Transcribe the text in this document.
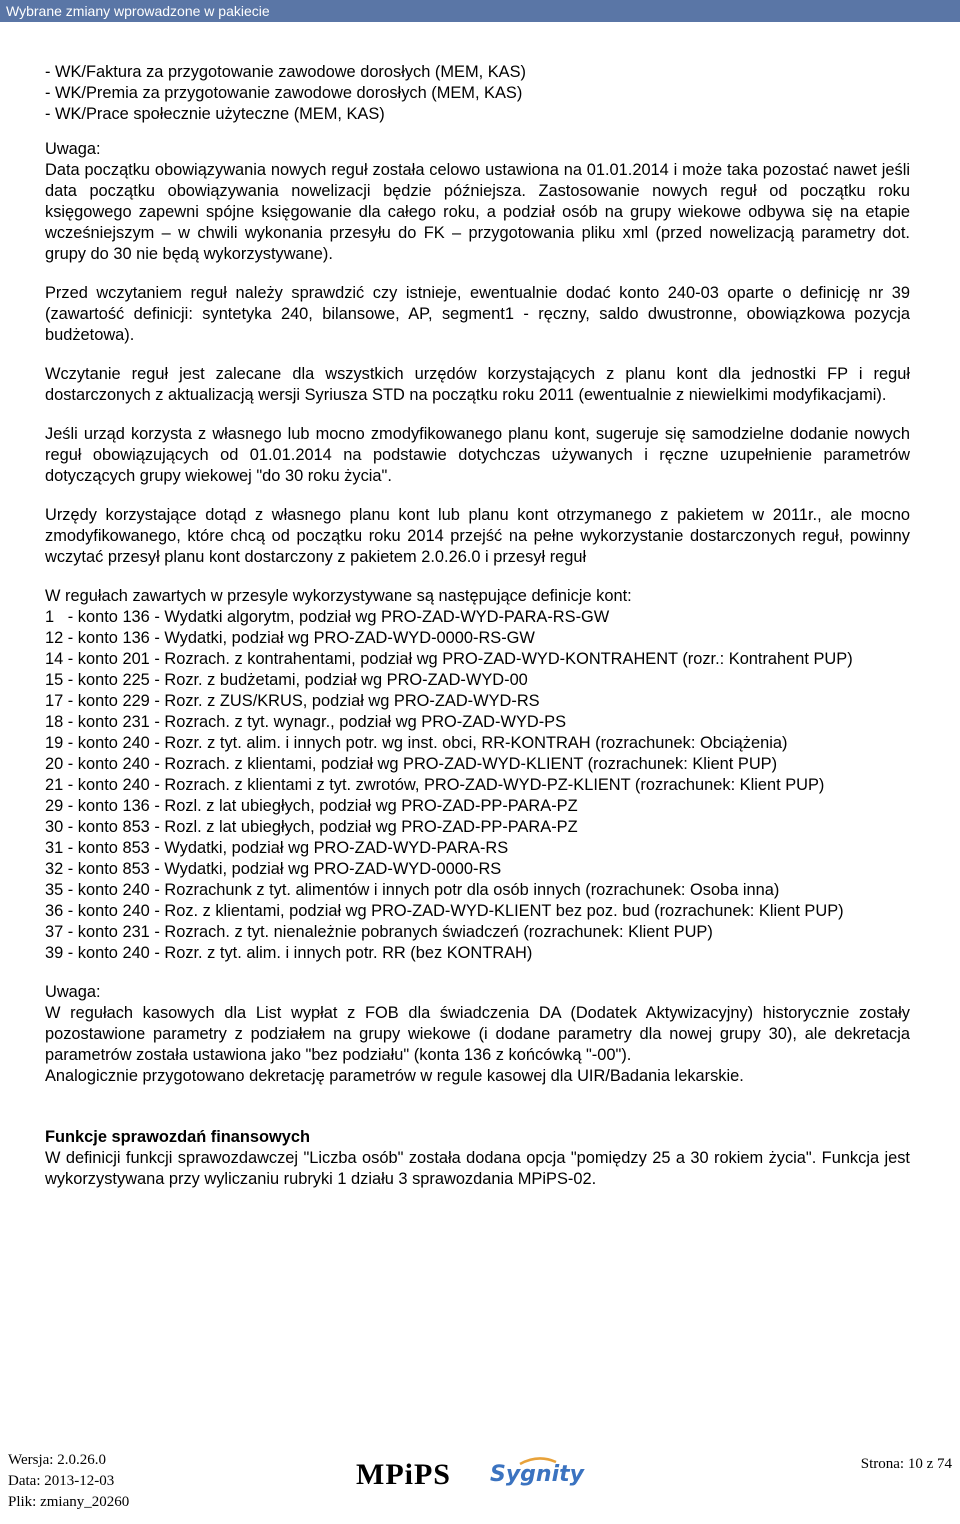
Wybrane zmiany wprowadzone w pakiecie

- WK/Faktura za przygotowanie zawodowe dorosłych (MEM, KAS)

- WK/Premia za przygotowanie zawodowe dorosłych (MEM, KAS)

- WK/Prace społecznie użyteczne (MEM, KAS)

Uwaga:

Data początku obowiązywania nowych reguł została celowo ustawiona na 01.01.2014 i może taka pozostać nawet jeśli data początku obowiązywania nowelizacji będzie późniejsza. Zastosowanie nowych reguł od początku roku księgowego zapewni spójne księgowanie dla całego roku, a podział osób na grupy wiekowe odbywa się na etapie wcześniejszym – w chwili wykonania przesyłu do FK – przygotowania pliku xml (przed nowelizacją parametry dot. grupy do 30 nie będą wykorzystywane).

Przed wczytaniem reguł należy sprawdzić czy istnieje, ewentualnie dodać konto 240-03 oparte o definicję nr 39 (zawartość definicji: syntetyka 240, bilansowe, AP, segment1 - ręczny, saldo dwustronne, obowiązkowa pozycja budżetowa).

Wczytanie reguł jest zalecane dla wszystkich urzędów korzystających z planu kont dla jednostki FP i reguł dostarczonych z aktualizacją wersji Syriusza STD na początku roku 2011 (ewentualnie z niewielkimi modyfikacjami).

Jeśli urząd korzysta z własnego lub mocno zmodyfikowanego planu kont, sugeruje się samodzielne dodanie nowych reguł obowiązujących od 01.01.2014 na podstawie dotychczas używanych i ręczne uzupełnienie parametrów dotyczących grupy wiekowej "do 30 roku życia".

Urzędy korzystające dotąd z własnego planu kont lub planu kont otrzymanego z pakietem w 2011r., ale mocno zmodyfikowanego, które chcą od początku roku 2014 przejść na pełne wykorzystanie dostarczonych reguł, powinny wczytać przesył planu kont dostarczony z pakietem 2.0.26.0 i przesył reguł

W regułach zawartych w przesyle wykorzystywane są następujące definicje kont:

1   - konto 136 - Wydatki algorytm, podział wg PRO-ZAD-WYD-PARA-RS-GW

12 - konto 136 - Wydatki, podział wg PRO-ZAD-WYD-0000-RS-GW

14 - konto 201 - Rozrach. z kontrahentami, podział wg PRO-ZAD-WYD-KONTRAHENT (rozr.: Kontrahent PUP)

15 - konto 225 - Rozr. z budżetami, podział wg PRO-ZAD-WYD-00

17 - konto 229 - Rozr. z ZUS/KRUS, podział wg PRO-ZAD-WYD-RS

18 - konto 231 - Rozrach. z tyt. wynagr., podział wg PRO-ZAD-WYD-PS

19 - konto 240 - Rozr. z tyt. alim. i innych potr. wg inst. obci, RR-KONTRAH (rozrachunek: Obciążenia)

20 - konto 240 - Rozrach. z klientami, podział wg PRO-ZAD-WYD-KLIENT (rozrachunek: Klient PUP)

21 - konto 240 - Rozrach. z klientami z tyt. zwrotów, PRO-ZAD-WYD-PZ-KLIENT (rozrachunek: Klient PUP)

29 - konto 136 - Rozl. z lat ubiegłych, podział wg PRO-ZAD-PP-PARA-PZ

30 - konto 853 - Rozl. z lat ubiegłych, podział wg PRO-ZAD-PP-PARA-PZ

31 - konto 853 - Wydatki, podział wg PRO-ZAD-WYD-PARA-RS

32 - konto 853 - Wydatki, podział wg PRO-ZAD-WYD-0000-RS

35 - konto 240 - Rozrachunk z tyt. alimentów i innych potr dla osób innych (rozrachunek: Osoba inna)

36 - konto 240 - Roz. z klientami, podział wg PRO-ZAD-WYD-KLIENT bez poz. bud (rozrachunek: Klient PUP)

37 - konto 231 - Rozrach. z tyt. nienależnie pobranych świadczeń (rozrachunek: Klient PUP)

39 - konto 240 - Rozr. z tyt. alim. i innych potr. RR (bez KONTRAH)

Uwaga:

W regułach kasowych dla List wypłat z FOB dla świadczenia DA (Dodatek Aktywizacyjny) historycznie zostały pozostawione parametry z podziałem na grupy wiekowe (i dodane parametry dla nowej grupy 30), ale dekretacja parametrów została ustawiona jako "bez podziału" (konta 136 z końcówką "-00").

Analogicznie przygotowano dekretację parametrów w regule kasowej dla UIR/Badania lekarskie.

Funkcje sprawozdań finansowych

W definicji funkcji sprawozdawczej "Liczba osób" została dodana opcja "pomiędzy 25 a 30 rokiem życia". Funkcja jest wykorzystywana przy wyliczaniu rubryki 1 działu 3 sprawozdania MPiPS-02.

Wersja: 2.0.26.0
Data: 2013-12-03
Plik: zmiany_20260
MPiPS Sygnity	Strona: 10 z 74
